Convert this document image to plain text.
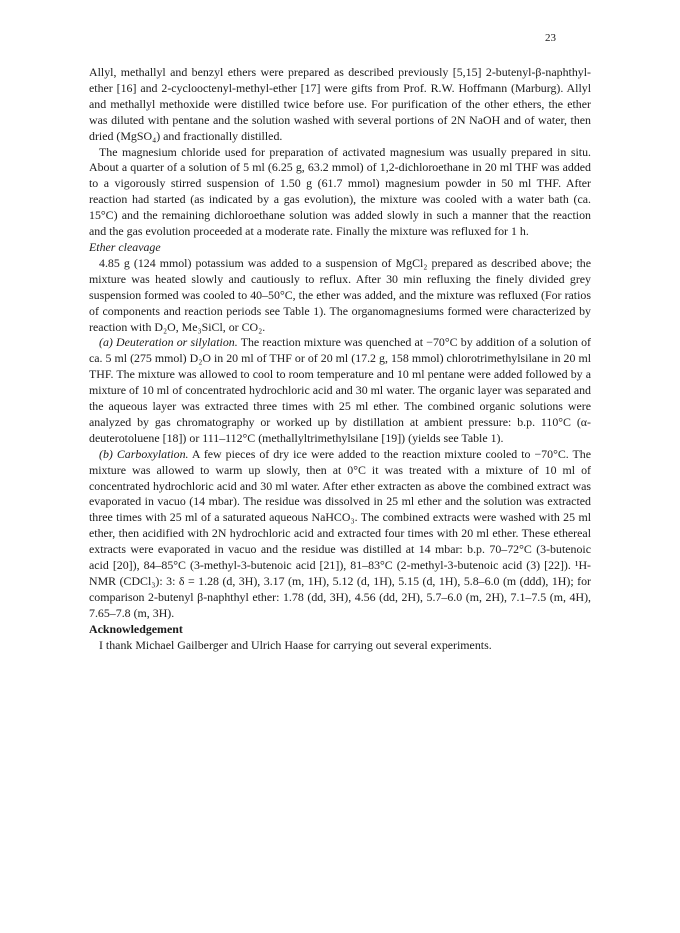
23

Allyl, methallyl and benzyl ethers were prepared as described previously [5,15] 2-butenyl-β-naphthyl-ether [16] and 2-cyclooctenyl-methyl-ether [17] were gifts from Prof. R.W. Hoffmann (Marburg). Allyl and methallyl methoxide were distilled twice before use. For purification of the other ethers, the ether was diluted with pentane and the solution washed with several portions of 2N NaOH and of water, then dried (MgSO₄) and fractionally distilled.

The magnesium chloride used for preparation of activated magnesium was usually prepared in situ. About a quarter of a solution of 5 ml (6.25 g, 63.2 mmol) of 1,2-dichloroethane in 20 ml THF was added to a vigorously stirred suspension of 1.50 g (61.7 mmol) magnesium powder in 50 ml THF. After reaction had started (as indicated by a gas evolution), the mixture was cooled with a water bath (ca. 15°C) and the remaining dichloroethane solution was added slowly in such a manner that the reaction and the gas evolution proceeded at a moderate rate. Finally the mixture was refluxed for 1 h.

Ether cleavage

4.85 g (124 mmol) potassium was added to a suspension of MgCl₂ prepared as described above; the mixture was heated slowly and cautiously to reflux. After 30 min refluxing the finely divided grey suspension formed was cooled to 40–50°C, the ether was added, and the mixture was refluxed (For ratios of components and reaction periods see Table 1). The organomagnesiums formed were characterized by reaction with D₂O, Me₃SiCl, or CO₂.

(a) Deuteration or silylation. The reaction mixture was quenched at −70°C by addition of a solution of ca. 5 ml (275 mmol) D₂O in 20 ml of THF or of 20 ml (17.2 g, 158 mmol) chlorotrimethylsilane in 20 ml THF. The mixture was allowed to cool to room temperature and 10 ml pentane were added followed by a mixture of 10 ml of concentrated hydrochloric acid and 30 ml water. The organic layer was separated and the aqueous layer was extracted three times with 25 ml ether. The combined organic solutions were analyzed by gas chromatography or worked up by distillation at ambient pressure: b.p. 110°C (α-deuterotoluene [18]) or 111–112°C (methallyltrimethylsilane [19]) (yields see Table 1).

(b) Carboxylation. A few pieces of dry ice were added to the reaction mixture cooled to −70°C. The mixture was allowed to warm up slowly, then at 0°C it was treated with a mixture of 10 ml of concentrated hydrochloric acid and 30 ml water. After ether extracten as above the combined extract was evaporated in vacuo (14 mbar). The residue was dissolved in 25 ml ether and the solution was extracted three times with 25 ml of a saturated aqueous NaHCO₃. The combined extracts were washed with 25 ml ether, then acidified with 2N hydrochloric acid and extracted four times with 20 ml ether. These ethereal extracts were evaporated in vacuo and the residue was distilled at 14 mbar: b.p. 70–72°C (3-butenoic acid [20]), 84–85°C (3-methyl-3-butenoic acid [21]), 81–83°C (2-methyl-3-butenoic acid (3) [22]). ¹H-NMR (CDCl₃): 3: δ = 1.28 (d, 3H), 3.17 (m, 1H), 5.12 (d, 1H), 5.15 (d, 1H), 5.8–6.0 (m (ddd), 1H); for comparison 2-butenyl β-naphthyl ether: 1.78 (dd, 3H), 4.56 (dd, 2H), 5.7–6.0 (m, 2H), 7.1–7.5 (m, 4H), 7.65–7.8 (m, 3H).

Acknowledgement

I thank Michael Gailberger and Ulrich Haase for carrying out several experiments.
